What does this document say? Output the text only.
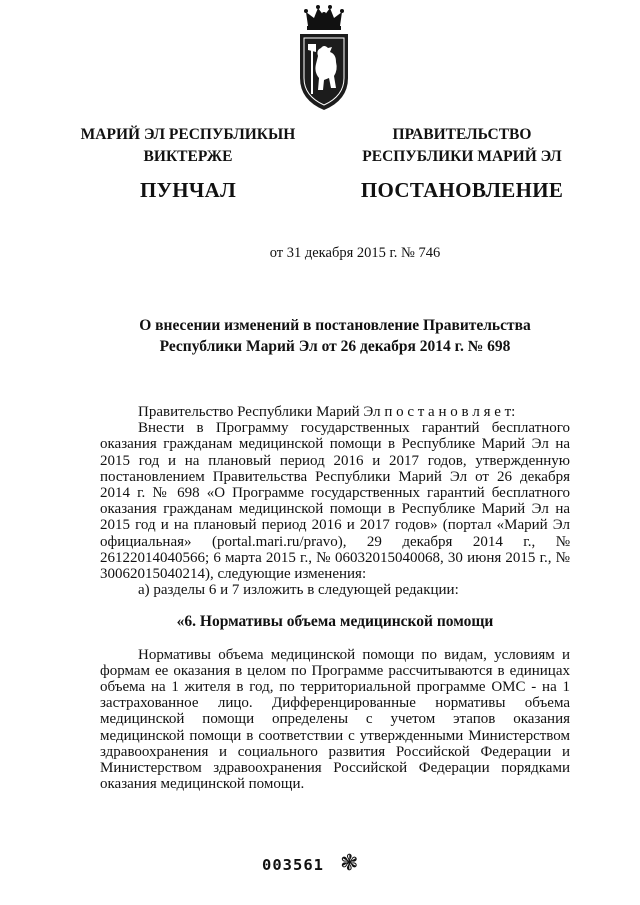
МАРИЙ ЭЛ РЕСПУБЛИКЫН
ВИКТЕРЖЕ
ПУНЧАЛ
ПРАВИТЕЛЬСТВО
РЕСПУБЛИКИ МАРИЙ ЭЛ
ПОСТАНОВЛЕНИЕ
от 31 декабря 2015 г. № 746
О внесении изменений в постановление Правительства
Республики Марий Эл от 26 декабря 2014 г. № 698

Правительство Республики Марий Эл п о с т а н о в л я е т:

Внести в Программу государственных гарантий бесплатного оказания гражданам медицинской помощи в Республике Марий Эл на 2015 год и на плановый период 2016 и 2017 годов, утвержденную постановлением Правительства Республики Марий Эл от 26 декабря 2014 г. № 698 «О Программе государственных гарантий бесплатного оказания гражданам медицинской помощи в Республике Марий Эл на 2015 год и на плановый период 2016 и 2017 годов» (портал «Марий Эл официальная» (portal.mari.ru/pravo), 29 декабря 2014 г., № 26122014040566; 6 марта 2015 г., № 06032015040068, 30 июня 2015 г., № 30062015040214), следующие изменения:

а) разделы 6 и 7 изложить в следующей редакции:

«6. Нормативы объема медицинской помощи

Нормативы объема медицинской помощи по видам, условиям и формам ее оказания в целом по Программе рассчитываются в единицах объема на 1 жителя в год, по территориальной программе ОМС - на 1 застрахованное лицо. Дифференцированные нормативы объема медицинской помощи определены с учетом этапов оказания медицинской помощи в соответствии с утвержденными Министерством здравоохранения и социального развития Российской Федерации и Министерством здравоохранения Российской Федерации порядками оказания медицинской помощи.

003561 ❃
